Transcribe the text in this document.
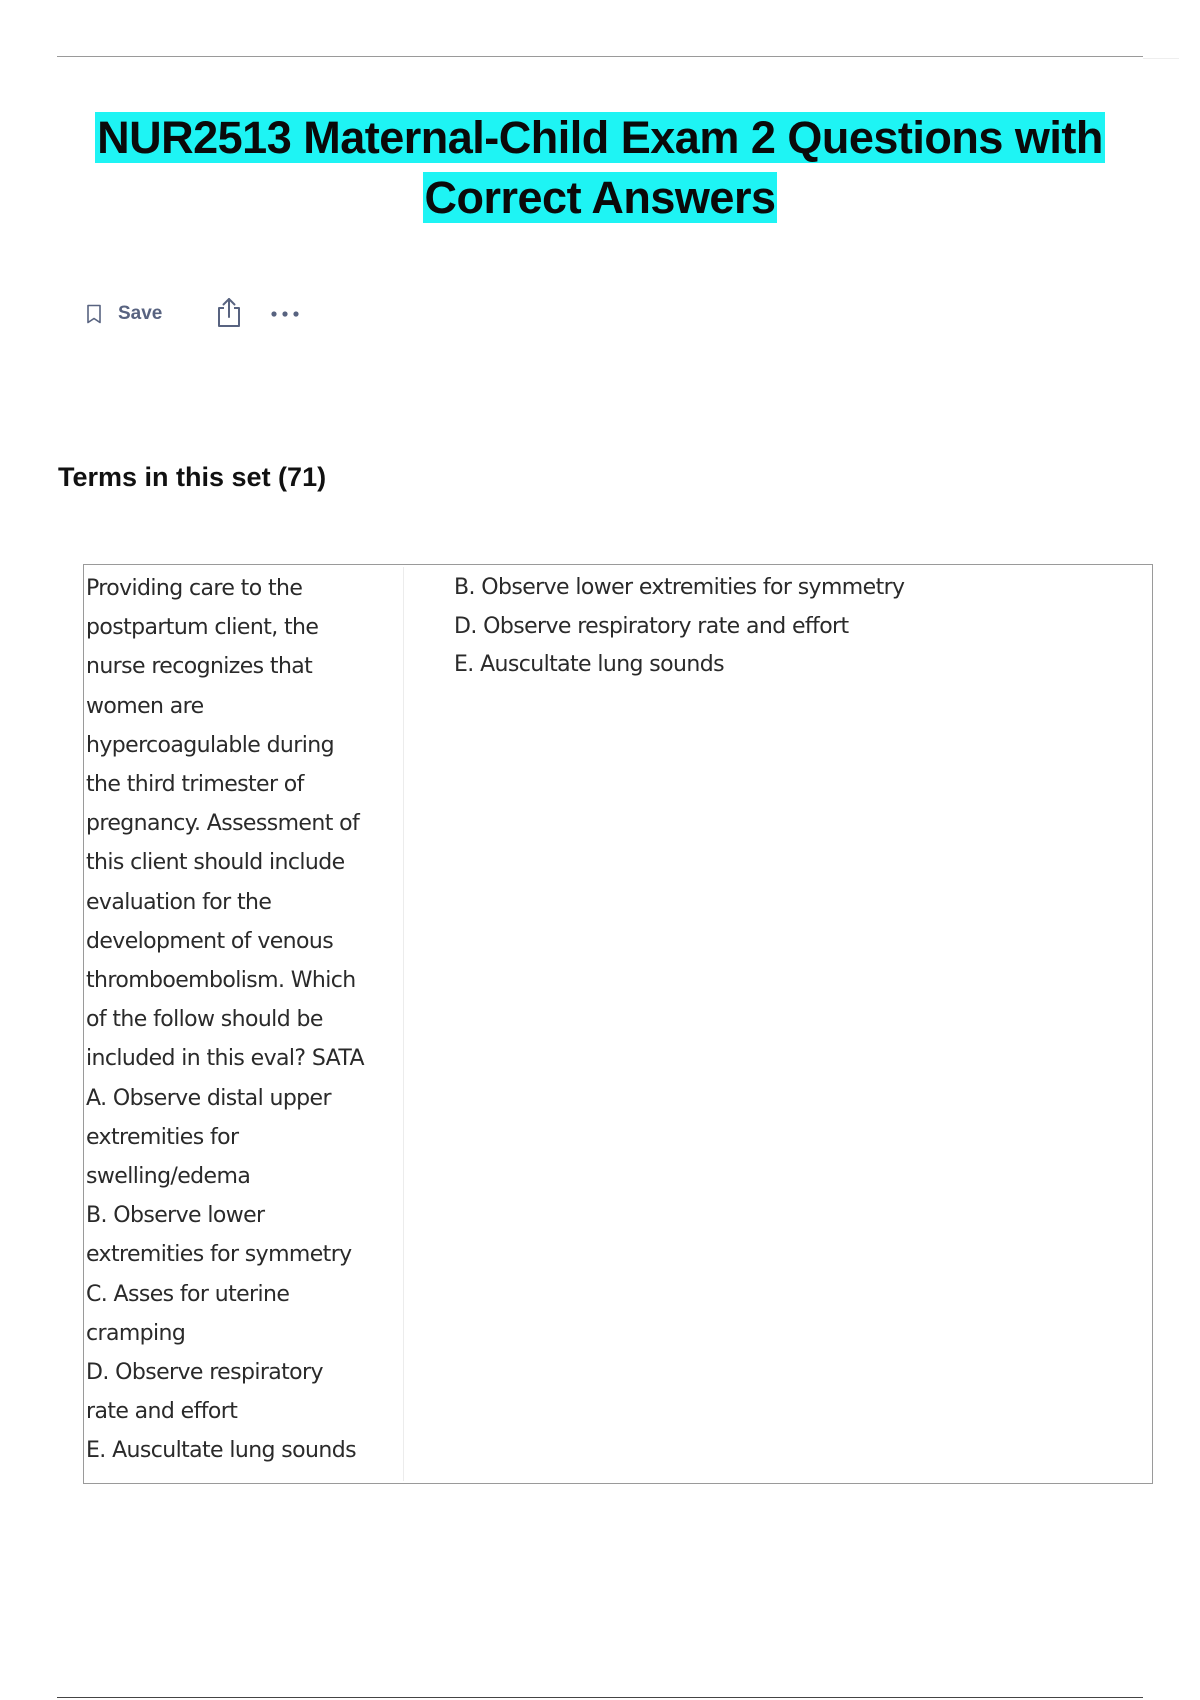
NUR2513 Maternal-Child Exam 2 Questions with
Correct Answers
Save
Terms in this set (71)
Providing care to the
postpartum client, the
nurse recognizes that
women are
hypercoagulable during
the third trimester of
pregnancy. Assessment of
this client should include
evaluation for the
development of venous
thromboembolism. Which
of the follow should be
included in this eval? SATA
A. Observe distal upper
extremities for
swelling/edema
B. Observe lower
extremities for symmetry
C. Asses for uterine
cramping
D. Observe respiratory
rate and effort
E. Auscultate lung sounds
B. Observe lower extremities for symmetry
D. Observe respiratory rate and effort
E. Auscultate lung sounds
